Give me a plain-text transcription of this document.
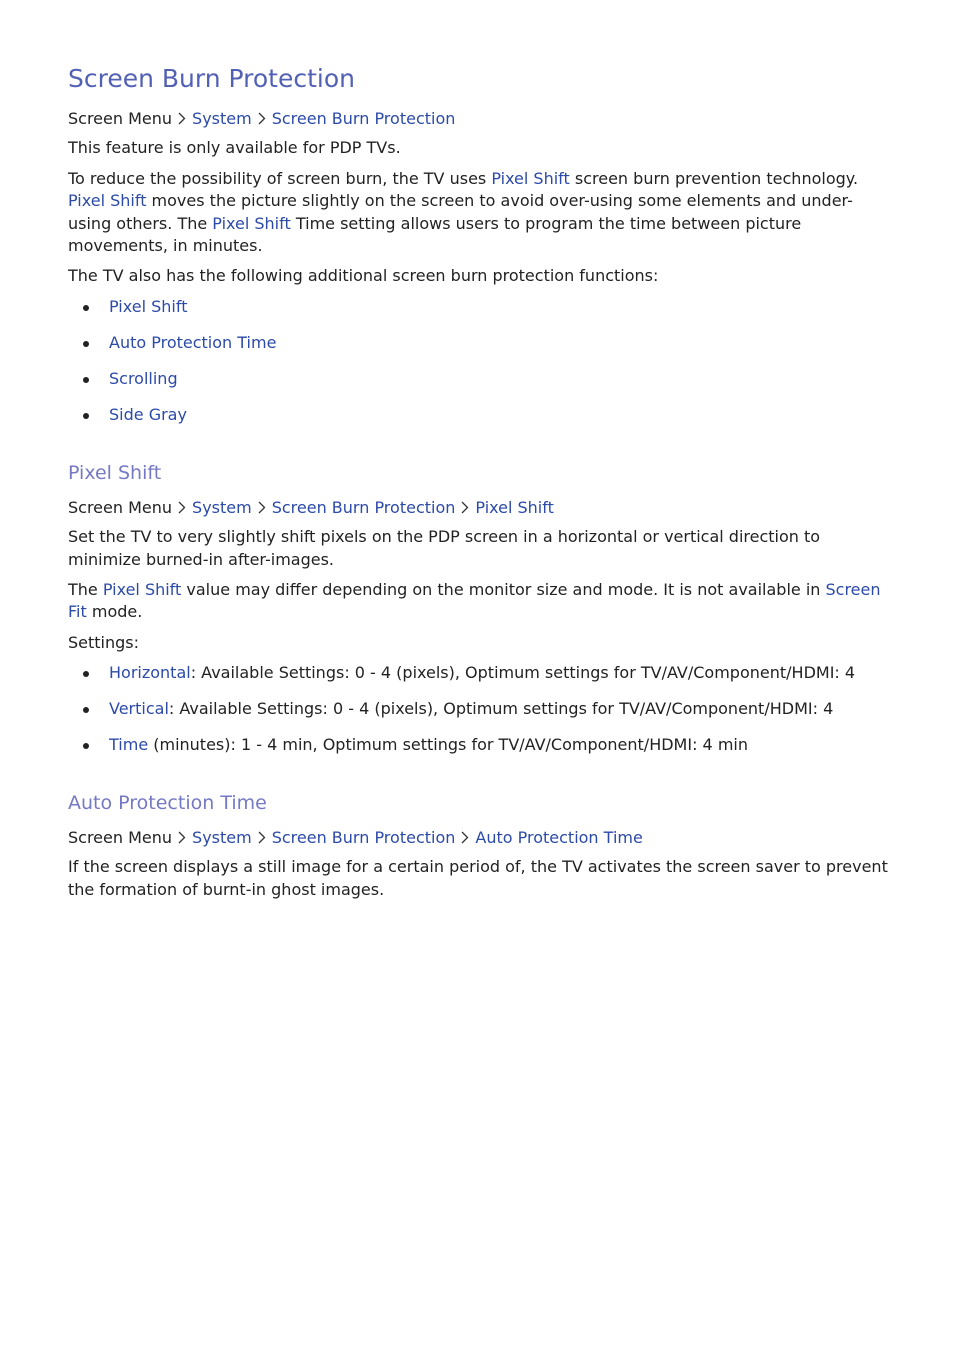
Screen Burn Protection

Screen Menu System Screen Burn Protection

This feature is only available for PDP TVs.

To reduce the possibility of screen burn, the TV uses Pixel Shift screen burn prevention technology. Pixel Shift moves the picture slightly on the screen to avoid over-using some elements and under-using others. The Pixel Shift Time setting allows users to program the time between picture movements, in minutes.

The TV also has the following additional screen burn protection functions:

Pixel Shift
Auto Protection Time
Scrolling
Side Gray
Pixel Shift

Screen Menu System Screen Burn Protection Pixel Shift

Set the TV to very slightly shift pixels on the PDP screen in a horizontal or vertical direction to minimize burned-in after-images.

The Pixel Shift value may differ depending on the monitor size and mode. It is not available in Screen Fit mode.

Settings:

Horizontal: Available Settings: 0 - 4 (pixels), Optimum settings for TV/AV/Component/HDMI: 4
Vertical: Available Settings: 0 - 4 (pixels), Optimum settings for TV/AV/Component/HDMI: 4
Time (minutes): 1 - 4 min, Optimum settings for TV/AV/Component/HDMI: 4 min
Auto Protection Time

Screen Menu System Screen Burn Protection Auto Protection Time

If the screen displays a still image for a certain period of, the TV activates the screen saver to prevent the formation of burnt-in ghost images.
